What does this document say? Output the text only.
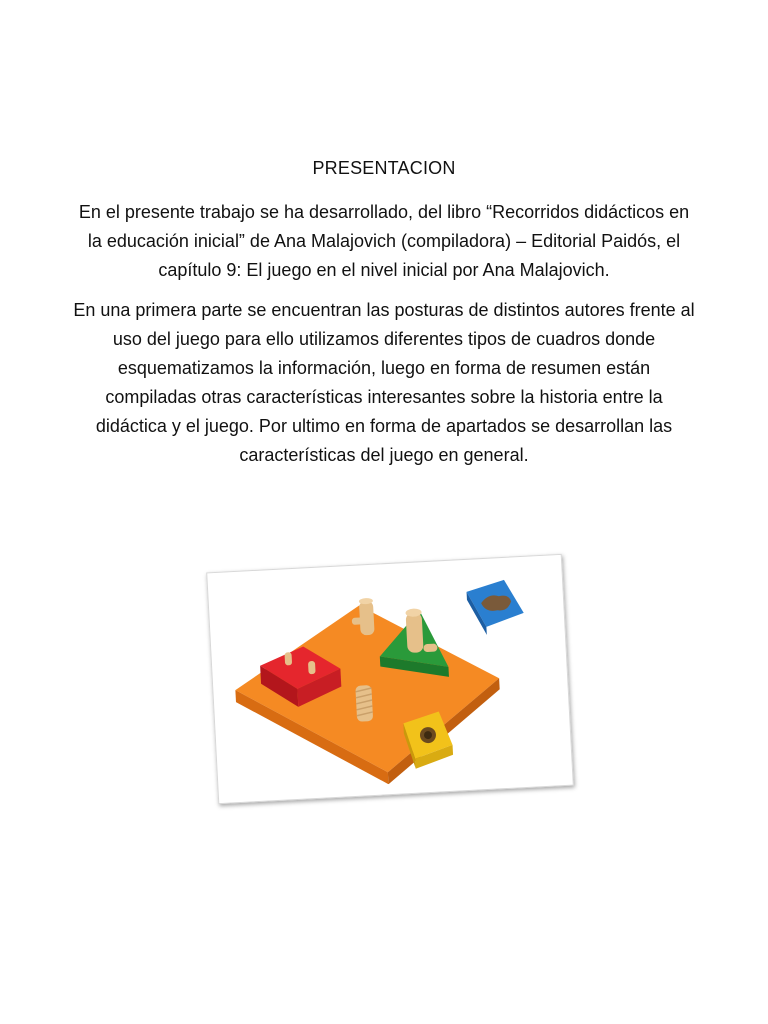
PRESENTACION

En el presente trabajo se ha desarrollado, del libro “Recorridos didácticos en la educación inicial” de Ana Malajovich (compiladora) – Editorial Paidós, el capítulo 9: El juego en el nivel inicial por Ana Malajovich.

En una primera parte se encuentran las posturas de distintos autores frente al uso del juego para ello utilizamos diferentes tipos de cuadros donde esquematizamos la información, luego en forma de resumen están compiladas otras características interesantes sobre la historia entre la didáctica y el juego. Por ultimo en forma de apartados se desarrollan las características del juego en general.
